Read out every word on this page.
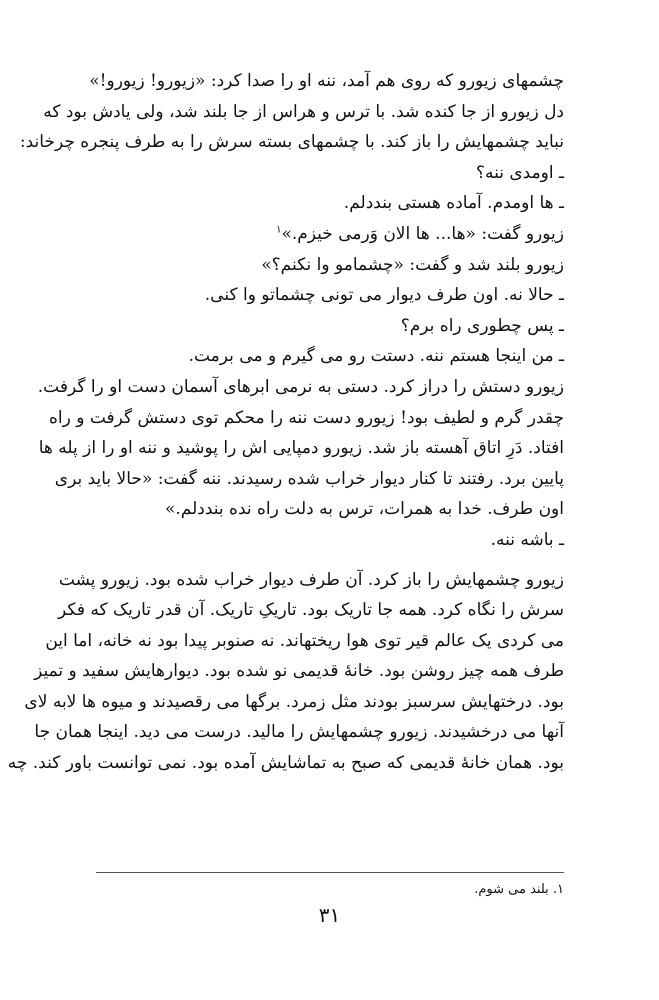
چشمهای زیورو که روی هم آمد، ننه او را صدا کرد: «زیورو! زیورو!»
دل زیورو از جا کنده شد. با ترس و هراس از جا بلند شد، ولی یادش بود که
نباید چشمهایش را باز کند. با چشمهای بسته سرش را به طرف پنجره چرخاند:
ـ اومدی ننه؟
ـ ها اومدم. آماده هستی بنددلم.
زیورو گفت: «ها... ها الان وَرمی خیزم.»$^۱$
زیورو بلند شد و گفت: «چشمامو وا نکنم؟»
ـ حالا نه. اون طرف دیوار می تونی چشماتو وا کنی.
ـ پس چطوری راه برم؟
ـ من اینجا هستم ننه. دستت رو می گیرم و می برمت.
زیورو دستش را دراز کرد. دستی به نرمی ابرهای آسمان دست او را گرفت.
چقدر گرم و لطیف بود! زیورو دست ننه را محکم توی دستش گرفت و راه
افتاد. دَرِ اتاق آهسته باز شد. زیورو دمپایی اش را پوشید و ننه او را از پله ها
پایین برد. رفتند تا کنار دیوار خراب شده رسیدند. ننه گفت: «حالا باید بری
اون طرف. خدا به همرات، ترس به دلت راه نده بنددلم.»
ـ باشه ننه.
زیورو چشمهایش را باز کرد. آن طرف دیوار خراب شده بود. زیورو پشت
سرش را نگاه کرد. همه جا تاریک بود. تاریکِ تاریک. آن قدر تاریک که فکر
می کردی یک عالم قیر توی هوا ریختهاند. نه صنوبر پیدا بود نه خانه، اما این
طرف همه چیز روشن بود. خانهٔ قدیمی نو شده بود. دیوارهایش سفید و تمیز
بود. درختهایش سرسبز بودند مثل زمرد. برگها می رقصیدند و میوه ها لابه لای
آنها می درخشیدند. زیورو چشمهایش را مالید. درست می دید. اینجا همان جا
بود. همان خانهٔ قدیمی که صبح به تماشایش آمده بود. نمی توانست باور کند. چه
۱. بلند می شوم.
۳۱
